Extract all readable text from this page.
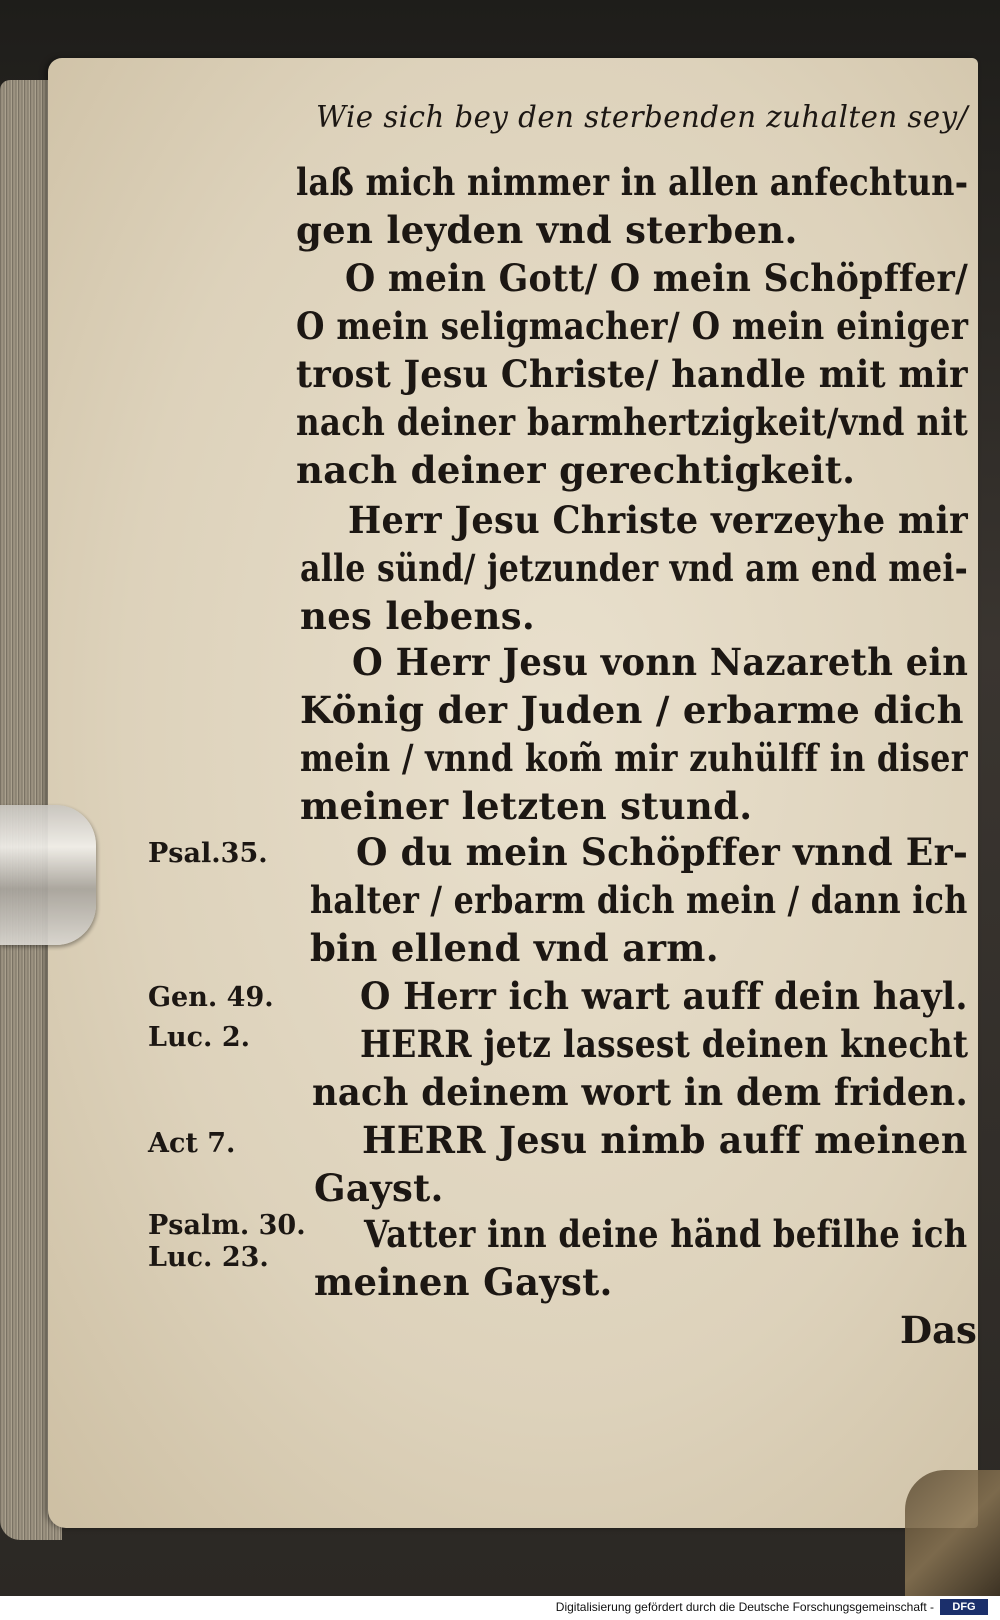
Wie sich bey den sterbenden zuhalten sey/
laß mich nimmer in allen anfechtun-
gen leyden vnd sterben.
O mein Gott/ O mein Schöpffer/
O mein seligmacher/ O mein einiger
trost Jesu Christe/ handle mit mir
nach deiner barmhertzigkeit/vnd nit
nach deiner gerechtigkeit.
Herr Jesu Christe verzeyhe mir
alle sünd/ jetzunder vnd am end mei-
nes lebens.
O Herr Jesu vonn Nazareth ein
König der Juden / erbarme dich
mein / vnnd kom̃ mir zuhülff in diser
meiner letzten stund.
O du mein Schöpffer vnnd Er-
halter / erbarm dich mein / dann ich
bin ellend vnd arm.
O Herr ich wart auff dein hayl.
HERR jetz lassest deinen knecht
nach deinem wort in dem friden.
HERR Jesu nimb auff meinen
Gayst.
Vatter inn deine händ befilhe ich
meinen Gayst.
Psal.35.
Gen. 49.
Luc. 2.
Act 7.
Psalm. 30.
Luc. 23.
Das
Digitalisierung gefördert durch die Deutsche Forschungsgemeinschaft -	DFG
